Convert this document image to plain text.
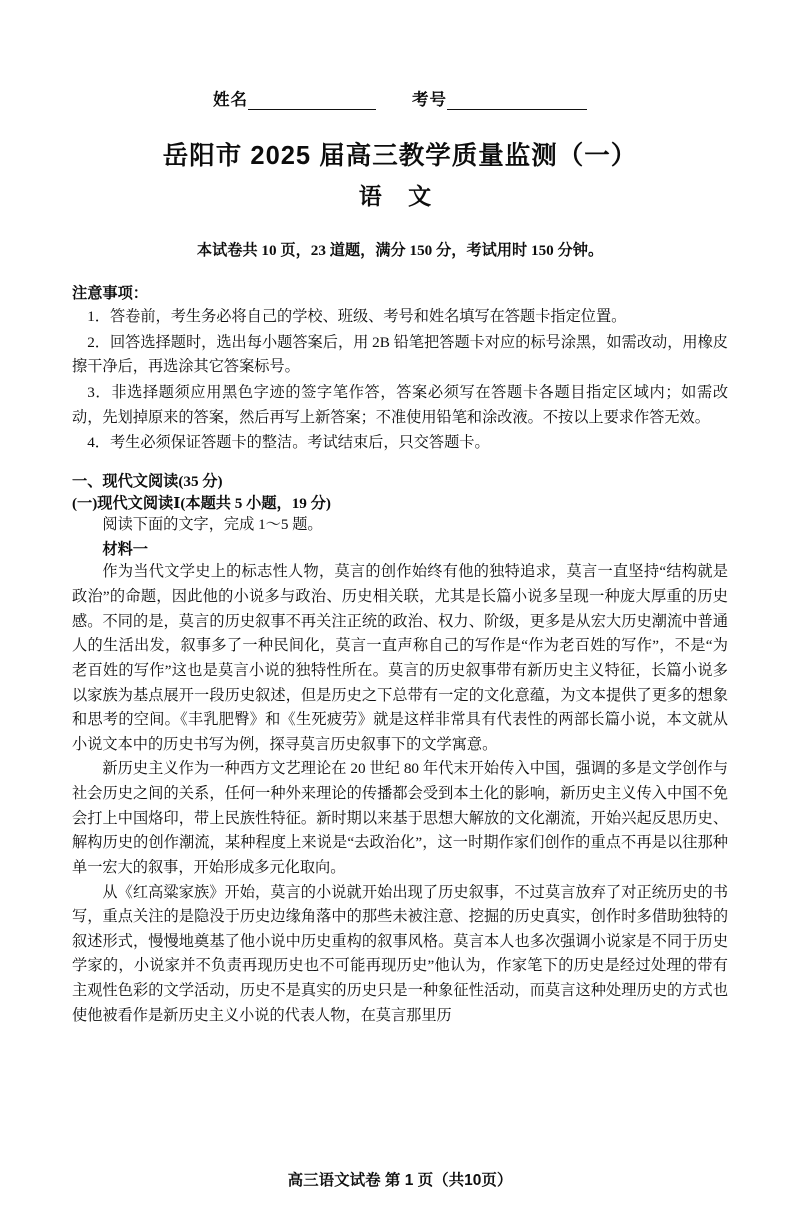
姓名	考号
岳阳市 2025 届高三教学质量监测（一）
语 文
本试卷共 10 页，23 道题，满分 150 分，考试用时 150 分钟。
注意事项：

1．答卷前，考生务必将自己的学校、班级、考号和姓名填写在答题卡指定位置。

2．回答选择题时，选出每小题答案后，用 2B 铅笔把答题卡对应的标号涂黑，如需改动，用橡皮擦干净后，再选涂其它答案标号。

3．非选择题须应用黑色字迹的签字笔作答，答案必须写在答题卡各题目指定区域内；如需改动，先划掉原来的答案，然后再写上新答案；不准使用铅笔和涂改液。不按以上要求作答无效。

4．考生必须保证答题卡的整洁。考试结束后，只交答题卡。

一、现代文阅读(35 分)
(一)现代文阅读Ⅰ(本题共 5 小题，19 分)

阅读下面的文字，完成 1～5 题。

材料一

作为当代文学史上的标志性人物，莫言的创作始终有他的独特追求，莫言一直坚持“结构就是政治”的命题，因此他的小说多与政治、历史相关联，尤其是长篇小说多呈现一种庞大厚重的历史感。不同的是，莫言的历史叙事不再关注正统的政治、权力、阶级，更多是从宏大历史潮流中普通人的生活出发，叙事多了一种民间化，莫言一直声称自己的写作是“作为老百姓的写作”，不是“为老百姓的写作”这也是莫言小说的独特性所在。莫言的历史叙事带有新历史主义特征，长篇小说多以家族为基点展开一段历史叙述，但是历史之下总带有一定的文化意蕴，为文本提供了更多的想象和思考的空间。《丰乳肥臀》和《生死疲劳》就是这样非常具有代表性的两部长篇小说，本文就从小说文本中的历史书写为例，探寻莫言历史叙事下的文学寓意。

新历史主义作为一种西方文艺理论在 20 世纪 80 年代末开始传入中国，强调的多是文学创作与社会历史之间的关系，任何一种外来理论的传播都会受到本土化的影响，新历史主义传入中国不免会打上中国烙印，带上民族性特征。新时期以来基于思想大解放的文化潮流，开始兴起反思历史、解构历史的创作潮流，某种程度上来说是“去政治化”，这一时期作家们创作的重点不再是以往那种单一宏大的叙事，开始形成多元化取向。

从《红高粱家族》开始，莫言的小说就开始出现了历史叙事，不过莫言放弃了对正统历史的书写，重点关注的是隐没于历史边缘角落中的那些未被注意、挖掘的历史真实，创作时多借助独特的叙述形式，慢慢地奠基了他小说中历史重构的叙事风格。莫言本人也多次强调小说家是不同于历史学家的，小说家并不负责再现历史也不可能再现历史”他认为，作家笔下的历史是经过处理的带有主观性色彩的文学活动，历史不是真实的历史只是一种象征性活动，而莫言这种处理历史的方式也使他被看作是新历史主义小说的代表人物，在莫言那里历

高三语文试卷 第 1 页（共10页）
